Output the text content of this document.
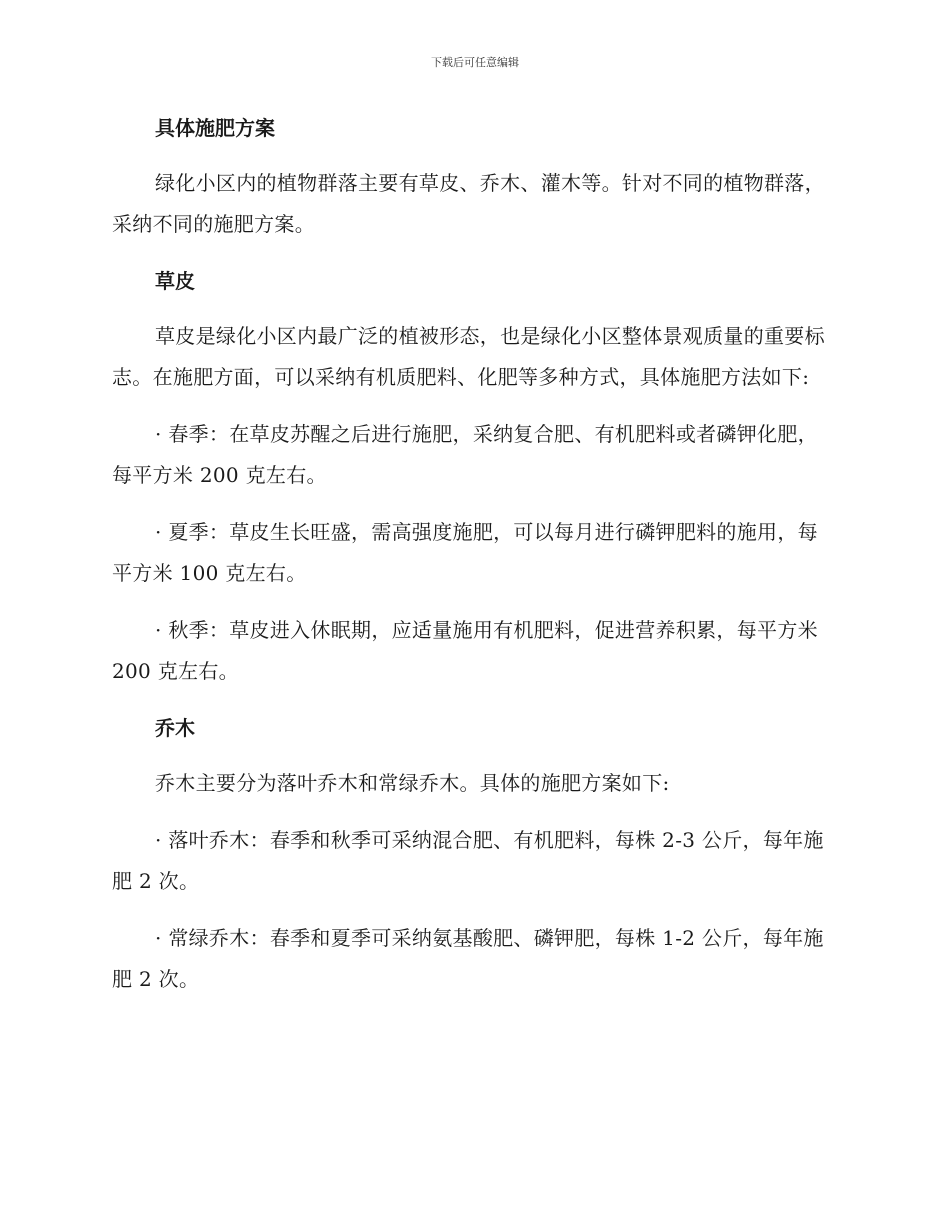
下载后可任意编辑
具体施肥方案

绿化小区内的植物群落主要有草皮、乔木、灌木等。针对不同的植物群落，采纳不同的施肥方案。

草皮

草皮是绿化小区内最广泛的植被形态，也是绿化小区整体景观质量的重要标志。在施肥方面，可以采纳有机质肥料、化肥等多种方式，具体施肥方法如下:

· 春季：在草皮苏醒之后进行施肥，采纳复合肥、有机肥料或者磷钾化肥，每平方米 200 克左右。

· 夏季：草皮生长旺盛，需高强度施肥，可以每月进行磷钾肥料的施用，每平方米 100 克左右。

· 秋季：草皮进入休眠期，应适量施用有机肥料，促进营养积累，每平方米 200 克左右。

乔木

乔木主要分为落叶乔木和常绿乔木。具体的施肥方案如下:

· 落叶乔木：春季和秋季可采纳混合肥、有机肥料，每株 2-3 公斤，每年施肥 2 次。

· 常绿乔木：春季和夏季可采纳氨基酸肥、磷钾肥，每株 1-2 公斤，每年施肥 2 次。
